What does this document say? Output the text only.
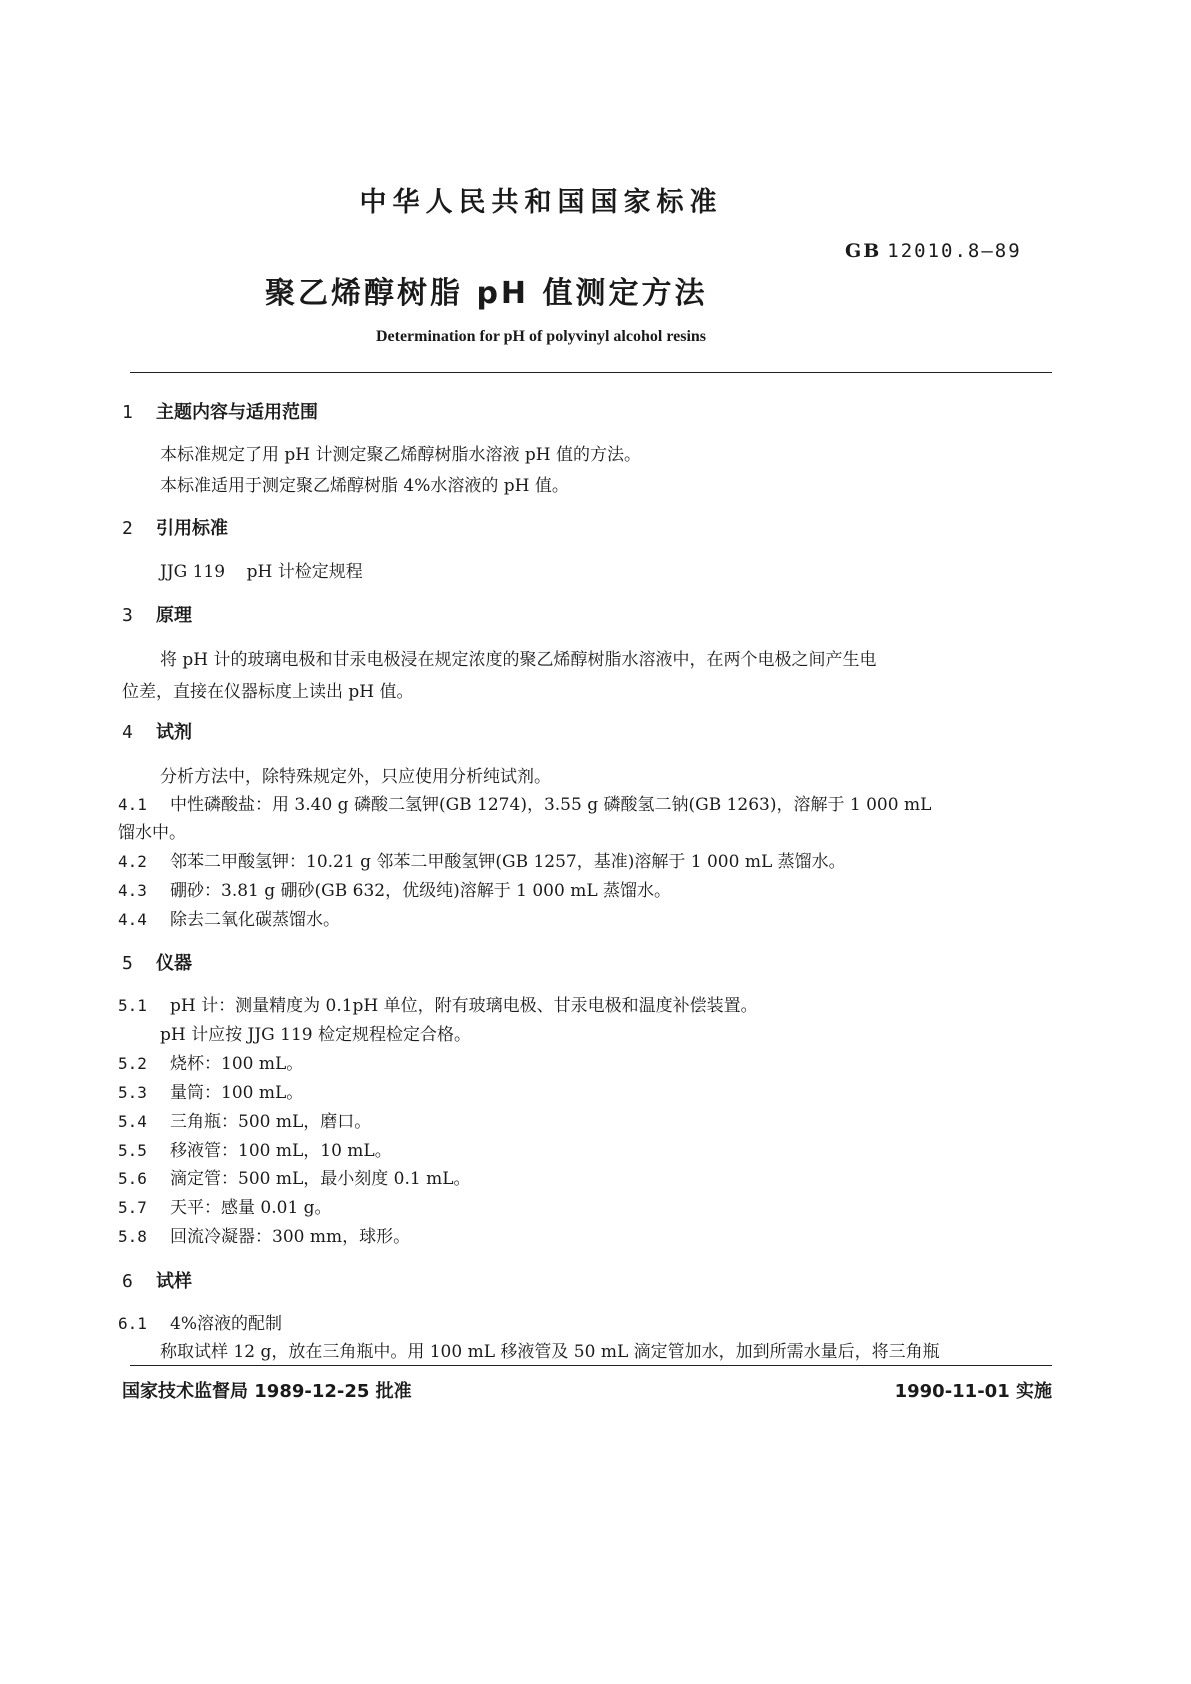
中华人民共和国国家标准
GB 12010.8—89
聚乙烯醇树脂 pH 值测定方法
Determination for pH of polyvinyl alcohol resins
1 主题内容与适用范围
本标准规定了用 pH 计测定聚乙烯醇树脂水溶液 pH 值的方法。
本标准适用于测定聚乙烯醇树脂 4%水溶液的 pH 值。
2 引用标准
JJG 119    pH 计检定规程
3 原理
将 pH 计的玻璃电极和甘汞电极浸在规定浓度的聚乙烯醇树脂水溶液中，在两个电极之间产生电
位差，直接在仪器标度上读出 pH 值。
4 试剂
分析方法中，除特殊规定外，只应使用分析纯试剂。
4.1 中性磷酸盐：用 3.40 g 磷酸二氢钾(GB 1274)，3.55 g 磷酸氢二钠(GB 1263)，溶解于 1 000 mL
馏水中。
4.2 邻苯二甲酸氢钾：10.21 g 邻苯二甲酸氢钾(GB 1257，基准)溶解于 1 000 mL 蒸馏水。
4.3 硼砂：3.81 g 硼砂(GB 632，优级纯)溶解于 1 000 mL 蒸馏水。
4.4 除去二氧化碳蒸馏水。
5 仪器
5.1 pH 计：测量精度为 0.1pH 单位，附有玻璃电极、甘汞电极和温度补偿装置。
pH 计应按 JJG 119 检定规程检定合格。
5.2 烧杯：100 mL。
5.3 量筒：100 mL。
5.4 三角瓶：500 mL，磨口。
5.5 移液管：100 mL，10 mL。
5.6 滴定管：500 mL，最小刻度 0.1 mL。
5.7 天平：感量 0.01 g。
5.8 回流冷凝器：300 mm，球形。
6 试样
6.1 4%溶液的配制
称取试样 12 g，放在三角瓶中。用 100 mL 移液管及 50 mL 滴定管加水，加到所需水量后，将三角瓶
国家技术监督局 1989-12-25 批准	1990-11-01 实施
